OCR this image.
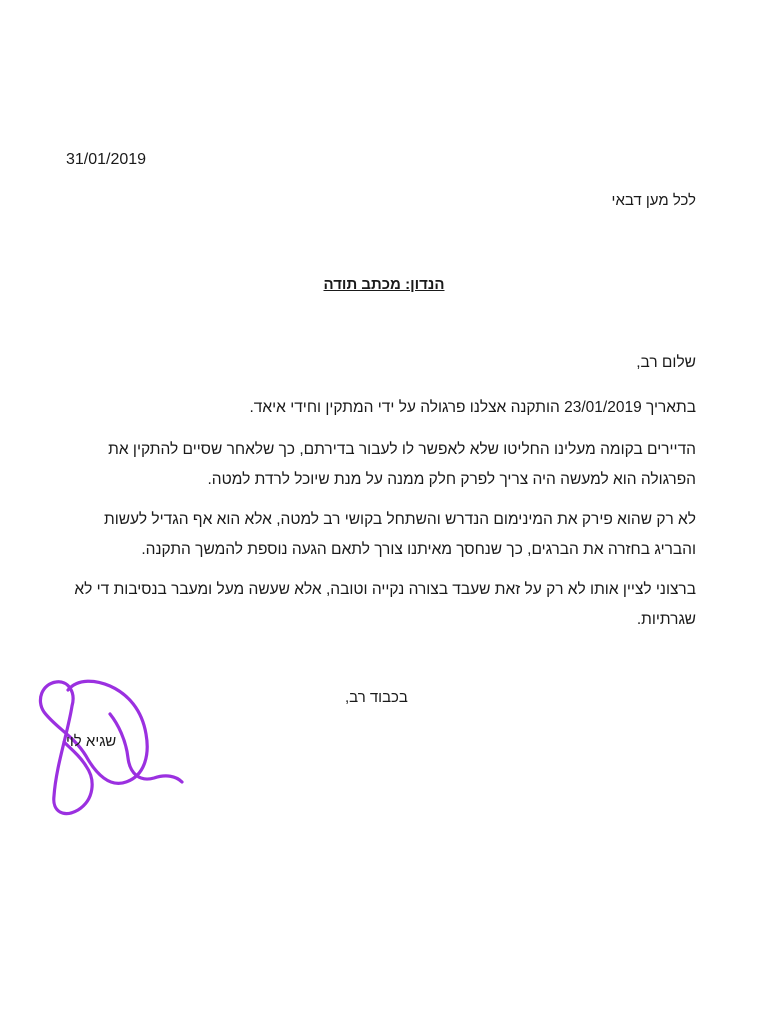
31/01/2019
לכל מען דבאי
הנדון: מכתב תודה
שלום רב,

בתאריך 23/01/2019 הותקנה אצלנו פרגולה על ידי המתקין וחידי איאד.

הדיירים בקומה מעלינו החליטו שלא לאפשר לו לעבור בדירתם, כך שלאחר שסיים להתקין את הפרגולה הוא למעשה היה צריך לפרק חלק ממנה על מנת שיוכל לרדת למטה.

לא רק שהוא פירק את המינימום הנדרש והשתחל בקושי רב למטה, אלא הוא אף הגדיל לעשות והבריג בחזרה את הברגים, כך שנחסך מאיתנו צורך לתאם הגעה נוספת להמשך התקנה.

ברצוני לציין אותו לא רק על זאת שעבד בצורה נקייה וטובה, אלא שעשה מעל ומעבר בנסיבות די לא שגרתיות.

בכבוד רב,
שגיא לוי
